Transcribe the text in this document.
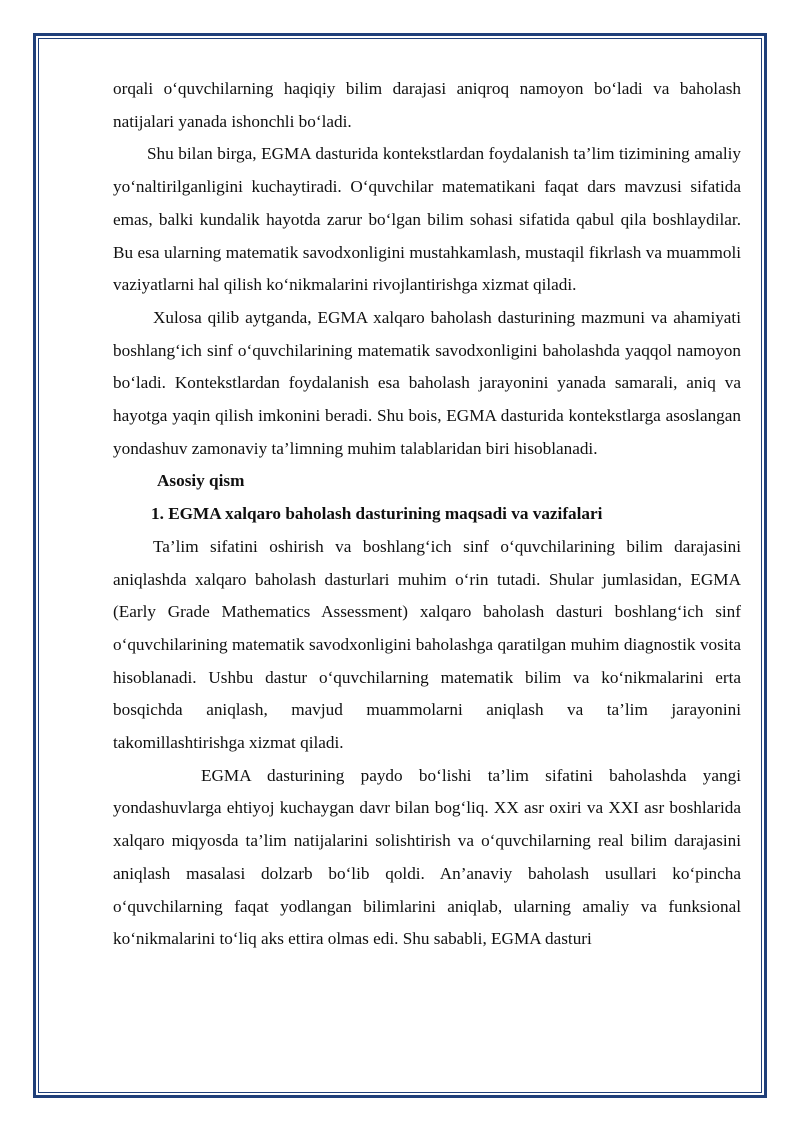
orqali o‘quvchilarning haqiqiy bilim darajasi aniqroq namoyon bo‘ladi va baholash natijalari yanada ishonchli bo‘ladi.

Shu bilan birga, EGMA dasturida kontekstlardan foydalanish ta’lim tizimining amaliy yo‘naltirilganligini kuchaytiradi. O‘quvchilar matematikani faqat dars mavzusi sifatida emas, balki kundalik hayotda zarur bo‘lgan bilim sohasi sifatida qabul qila boshlaydilar. Bu esa ularning matematik savodxonligini mustahkamlash, mustaqil fikrlash va muammoli vaziyatlarni hal qilish ko‘nikmalarini rivojlantirishga xizmat qiladi.

Xulosa qilib aytganda, EGMA xalqaro baholash dasturining mazmuni va ahamiyati boshlang‘ich sinf o‘quvchilarining matematik savodxonligini baholashda yaqqol namoyon bo‘ladi. Kontekstlardan foydalanish esa baholash jarayonini yanada samarali, aniq va hayotga yaqin qilish imkonini beradi. Shu bois, EGMA dasturida kontekstlarga asoslangan yondashuv zamonaviy ta’limning muhim talablaridan biri hisoblanadi.

Asosiy qism

1. EGMA xalqaro baholash dasturining maqsadi va vazifalari

Ta’lim sifatini oshirish va boshlang‘ich sinf o‘quvchilarining bilim darajasini aniqlashda xalqaro baholash dasturlari muhim o‘rin tutadi. Shular jumlasidan, EGMA (Early Grade Mathematics Assessment) xalqaro baholash dasturi boshlang‘ich sinf o‘quvchilarining matematik savodxonligini baholashga qaratilgan muhim diagnostik vosita hisoblanadi. Ushbu dastur o‘quvchilarning matematik bilim va ko‘nikmalarini erta bosqichda aniqlash, mavjud muammolarni aniqlash va ta’lim jarayonini takomillashtirishga xizmat qiladi.

EGMA dasturining paydo bo‘lishi ta’lim sifatini baholashda yangi yondashuvlarga ehtiyoj kuchaygan davr bilan bog‘liq. XX asr oxiri va XXI asr boshlarida xalqaro miqyosda ta’lim natijalarini solishtirish va o‘quvchilarning real bilim darajasini aniqlash masalasi dolzarb bo‘lib qoldi. An’anaviy baholash usullari ko‘pincha o‘quvchilarning faqat yodlangan bilimlarini aniqlab, ularning amaliy va funksional ko‘nikmalarini to‘liq aks ettira olmas edi. Shu sababli, EGMA dasturi
